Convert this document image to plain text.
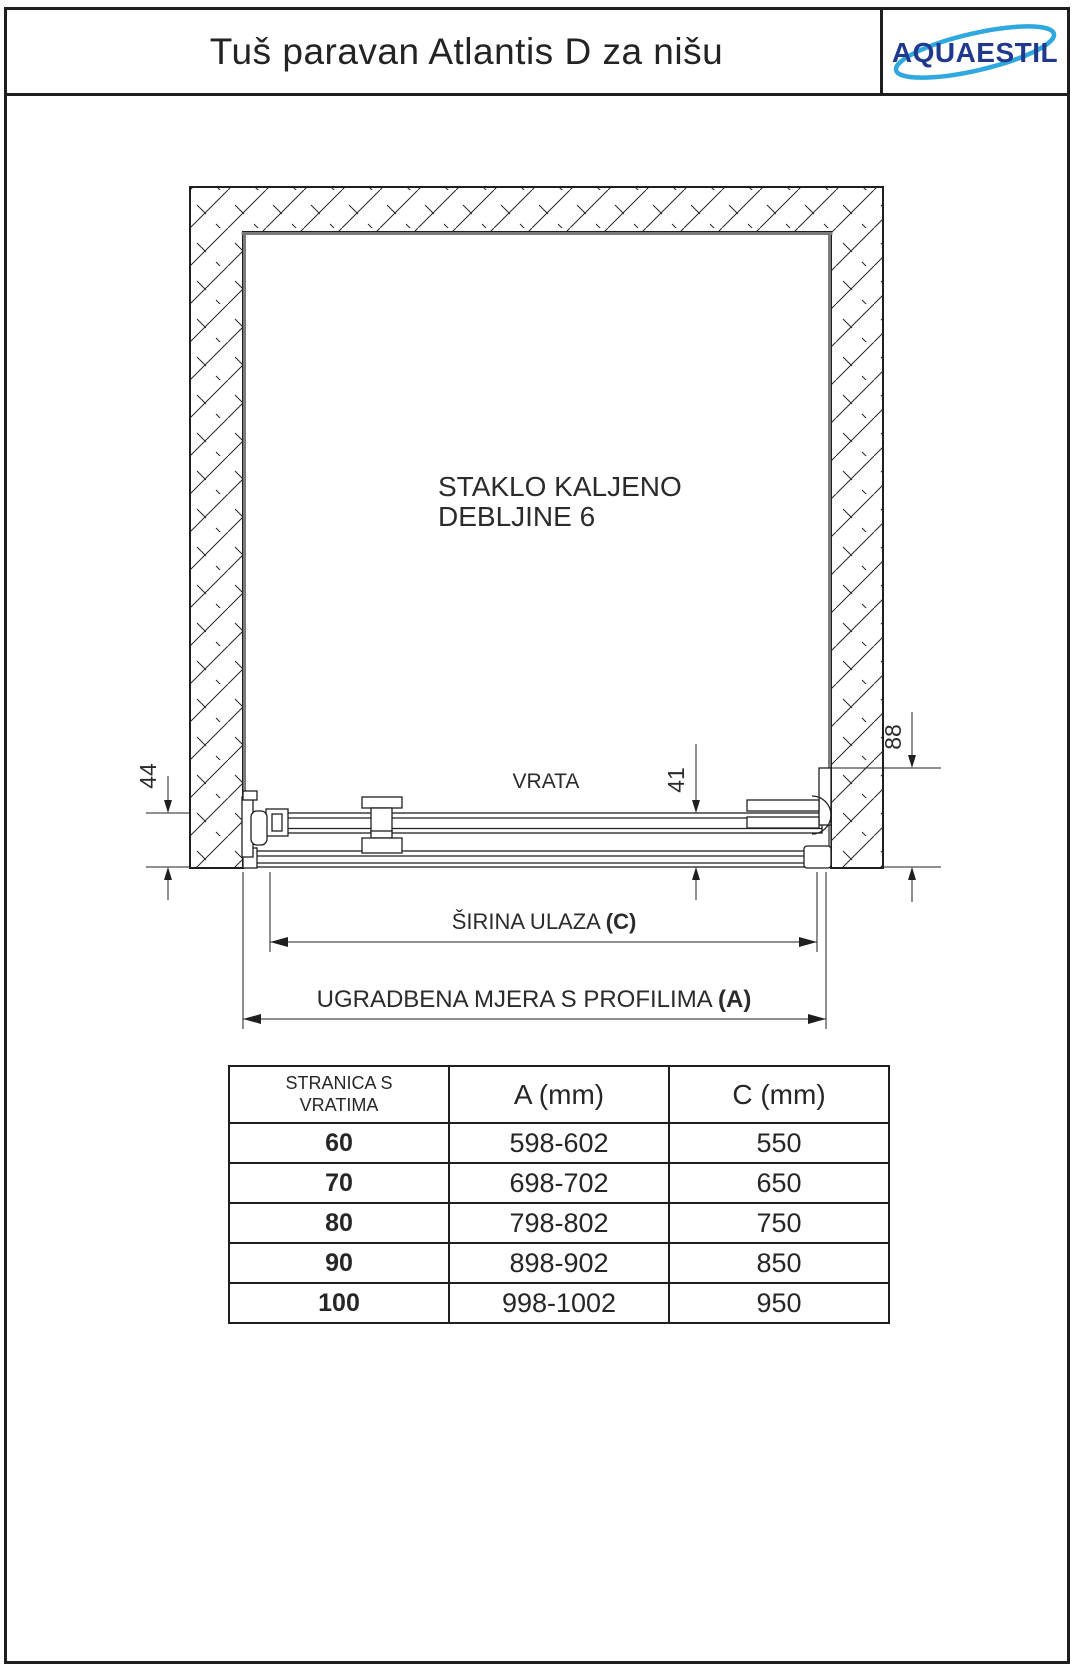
Tuš paravan Atlantis D za nišu	AQUAESTIL
STAKLO KALJENO
DEBLJINE 6
VRATA
44	41
88
ŠIRINA ULAZA (C)
UGRADBENA MJERA S PROFILIMA (A)
STRANICA S
VRATIMA	A (mm)	C (mm)
60	598-602	550
70	698-702	650
80	798-802	750
90	898-902	850
100	998-1002	950
